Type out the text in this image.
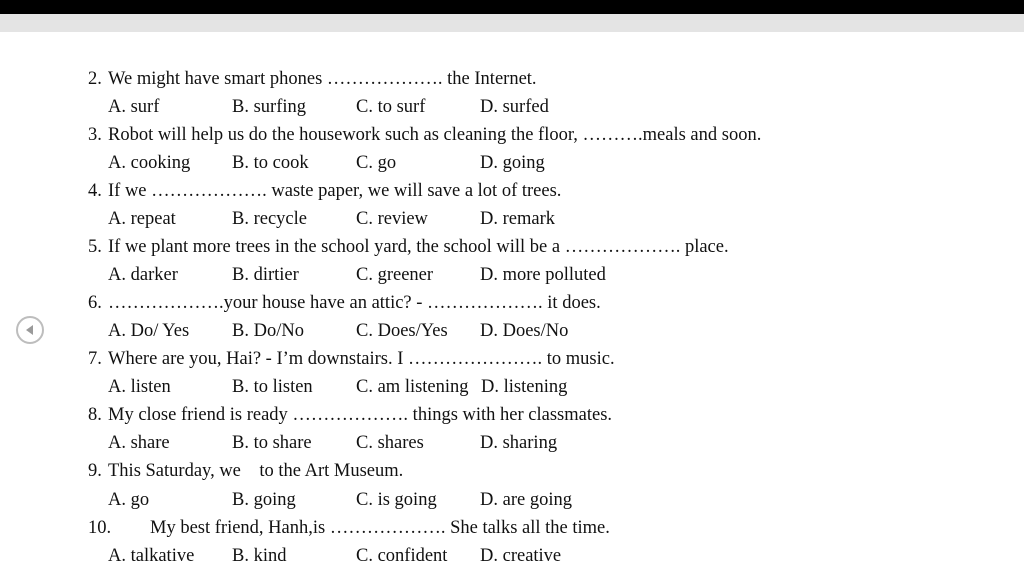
2. We might have smart phones ………………. the Internet.
A. surf	B. surfing	C. to surf	D. surfed
3. Robot will help us do the housework such as cleaning the floor, ……….meals and soon.
A. cooking B. to cook	C. go	D. going
4. If we ………………. waste paper, we will save a lot of trees.
A. repeat	B. recycle	C. review	D. remark
5. If we plant more trees in the school yard, the school will be a ………………. place.
A. darker	B. dirtier	C. greener	D. more polluted
6. ……………….your house have an attic? - ………………. it does.
A. Do/ Yes B. Do/No	C. Does/Yes D. Does/No
7. Where are you, Hai? - I’m downstairs. I …………………. to music.
A. listen	B. to listen C. am listening D. listening
8. My close friend is ready ………………. things with her classmates.
A. share	B. to share C. shares	D. sharing
9. This Saturday, we    to the Art Museum.
A. go	B. going	C. is going D. are going
10. My best friend, Hanh,is ………………. She talks all the time.
A. talkative B. kind	C. confident D. creative
